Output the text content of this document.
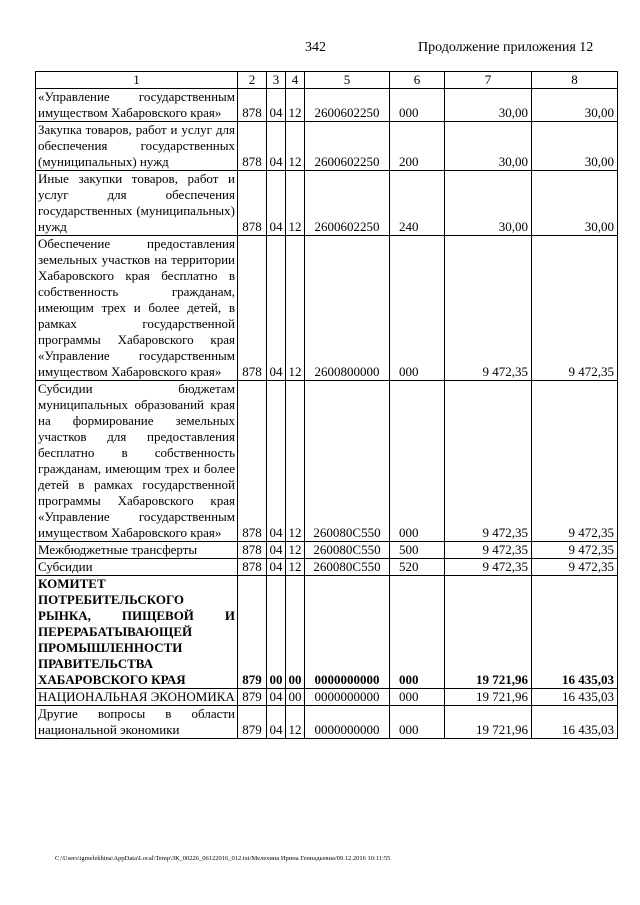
342	Продолжение приложения 12
1	2	3	4	5	6	7	8
«Управление государственным имуществом Хабаровского края»	878	04	12	2600602250	000	30,00	30,00
Закупка товаров, работ и услуг для обеспечения государственных (муниципальных) нужд	878	04	12	2600602250	200	30,00	30,00
Иные закупки товаров, работ и услуг для обеспечения государственных (муниципальных) нужд	878	04	12	2600602250	240	30,00	30,00
Обеспечение предоставления земельных участков на территории Хабаровского края бесплатно в собственность гражданам, имеющим трех и более детей, в рамках государственной программы Хабаровского края «Управление государственным имуществом Хабаровского края»	878	04	12	2600800000	000	9 472,35	9 472,35
Субсидии бюджетам муниципальных образований края на формирование земельных участков для предоставления бесплатно в собственность гражданам, имеющим трех и более детей в рамках государственной программы Хабаровского края «Управление государственным имуществом Хабаровского края»	878	04	12	260080С550	000	9 472,35	9 472,35
Межбюджетные трансферты	878	04	12	260080С550	500	9 472,35	9 472,35
Субсидии	878	04	12	260080С550	520	9 472,35	9 472,35
КОМИТЕТ ПОТРЕБИТЕЛЬСКОГО РЫНКА, ПИЩЕВОЙ И ПЕРЕРАБАТЫВАЮЩЕЙ ПРОМЫШЛЕННОСТИ ПРАВИТЕЛЬСТВА ХАБАРОВСКОГО КРАЯ	879	00	00	0000000000	000	19 721,96	16 435,03
НАЦИОНАЛЬНАЯ ЭКОНОМИКА	879	04	00	0000000000	000	19 721,96	16 435,03
Другие вопросы в области национальной экономики	879	04	12	0000000000	000	19 721,96	16 435,03
C:\Users\igmelekhina\AppData\Local\Temp\ЗК_00226_06122016_012.txt/Мелехина Ирина Геннадьевна/09.12.2016 10:11:55
